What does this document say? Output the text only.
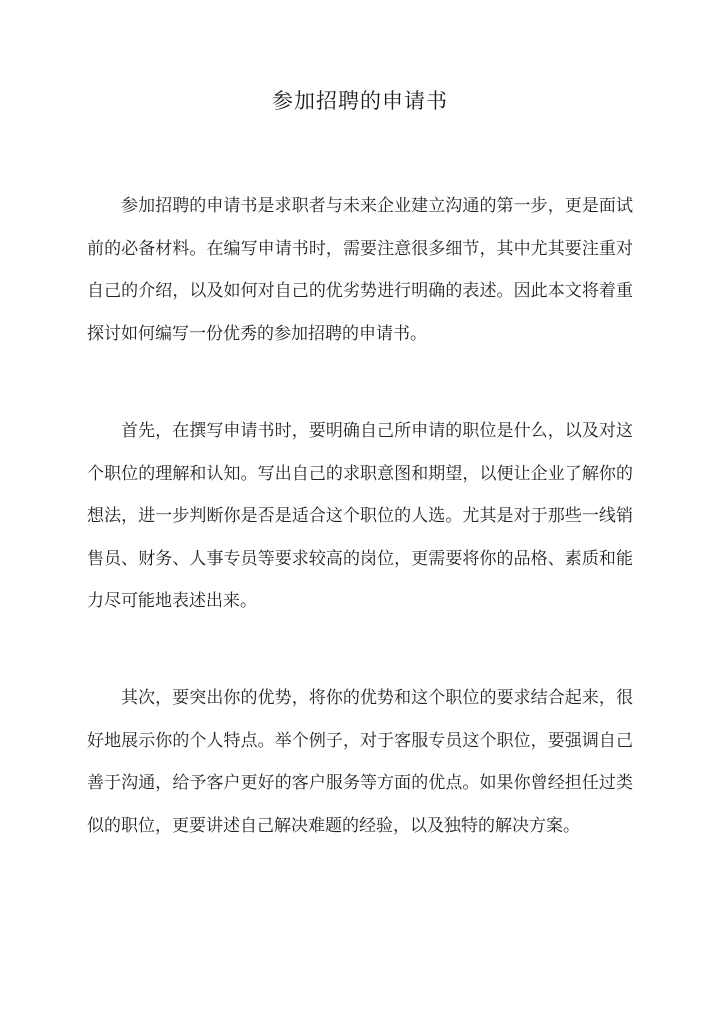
参加招聘的申请书

参加招聘的申请书是求职者与未来企业建立沟通的第一步，更是面试前的必备材料。在编写申请书时，需要注意很多细节，其中尤其要注重对自己的介绍，以及如何对自己的优劣势进行明确的表述。因此本文将着重探讨如何编写一份优秀的参加招聘的申请书。

首先，在撰写申请书时，要明确自己所申请的职位是什么，以及对这个职位的理解和认知。写出自己的求职意图和期望，以便让企业了解你的想法，进一步判断你是否是适合这个职位的人选。尤其是对于那些一线销售员、财务、人事专员等要求较高的岗位，更需要将你的品格、素质和能力尽可能地表述出来。

其次，要突出你的优势，将你的优势和这个职位的要求结合起来，很好地展示你的个人特点。举个例子，对于客服专员这个职位，要强调自己善于沟通，给予客户更好的客户服务等方面的优点。如果你曾经担任过类似的职位，更要讲述自己解决难题的经验，以及独特的解决方案。
